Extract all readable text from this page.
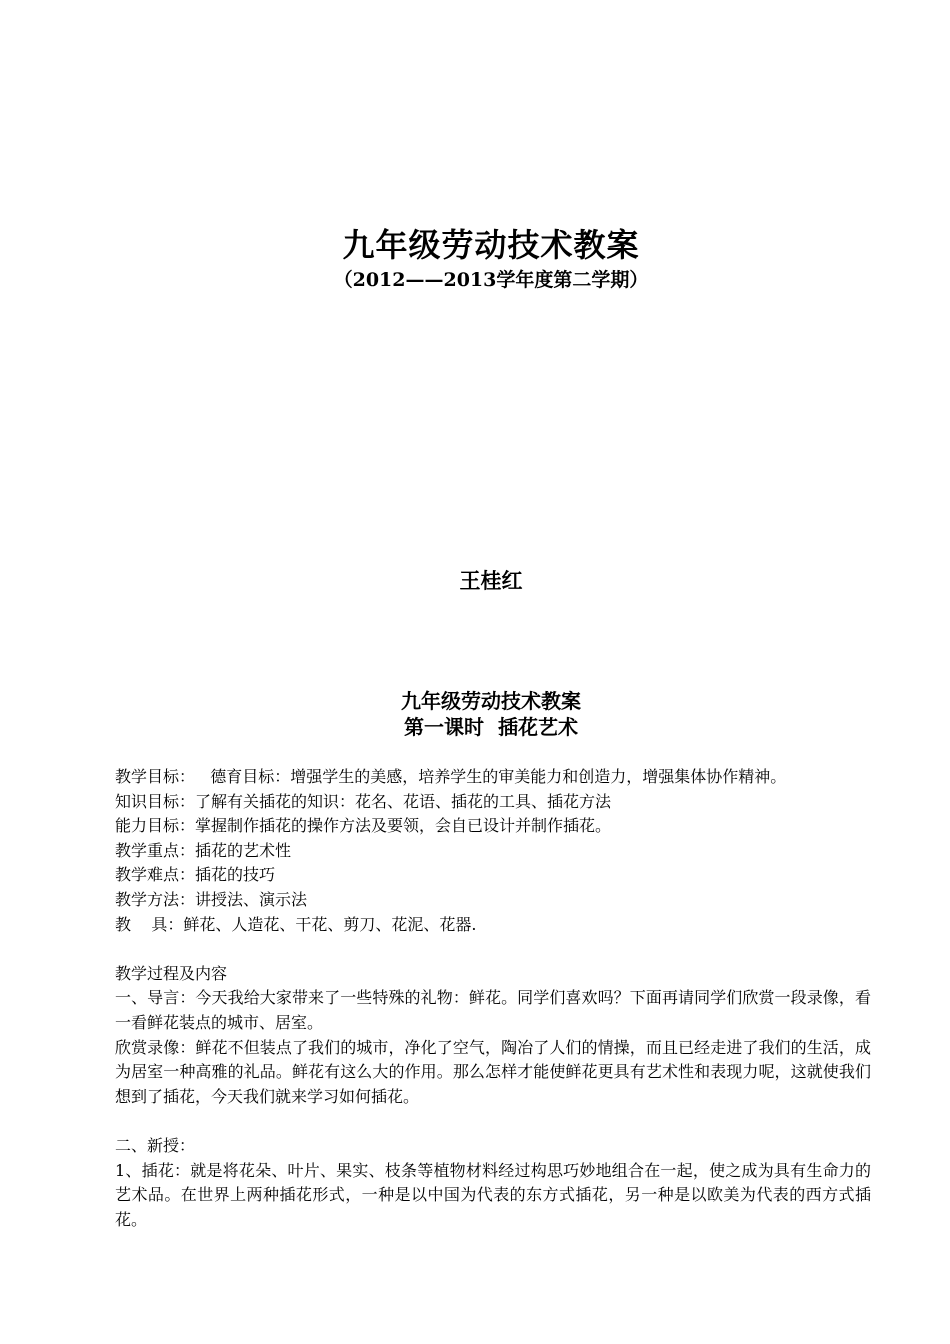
九年级劳动技术教案
（2012——2013学年度第二学期）
王桂红
九年级劳动技术教案
第一课时  插花艺术

教学目标：   德育目标：增强学生的美感，培养学生的审美能力和创造力，增强集体协作精神。

知识目标：了解有关插花的知识：花名、花语、插花的工具、插花方法

能力目标：掌握制作插花的操作方法及要领，会自已设计并制作插花。

教学重点：插花的艺术性

教学难点：插花的技巧

教学方法：讲授法、演示法

教    具：鲜花、人造花、干花、剪刀、花泥、花器.

教学过程及内容

一、导言：今天我给大家带来了一些特殊的礼物：鲜花。同学们喜欢吗？下面再请同学们欣赏一段录像，看一看鲜花装点的城市、居室。

欣赏录像：鲜花不但装点了我们的城市，净化了空气，陶冶了人们的情操，而且已经走进了我们的生活，成为居室一种高雅的礼品。鲜花有这么大的作用。那么怎样才能使鲜花更具有艺术性和表现力呢，这就使我们想到了插花，今天我们就来学习如何插花。

二、新授：

1、插花：就是将花朵、叶片、果实、枝条等植物材料经过构思巧妙地组合在一起，使之成为具有生命力的艺术品。在世界上两种插花形式，一种是以中国为代表的东方式插花，另一种是以欧美为代表的西方式插花。
